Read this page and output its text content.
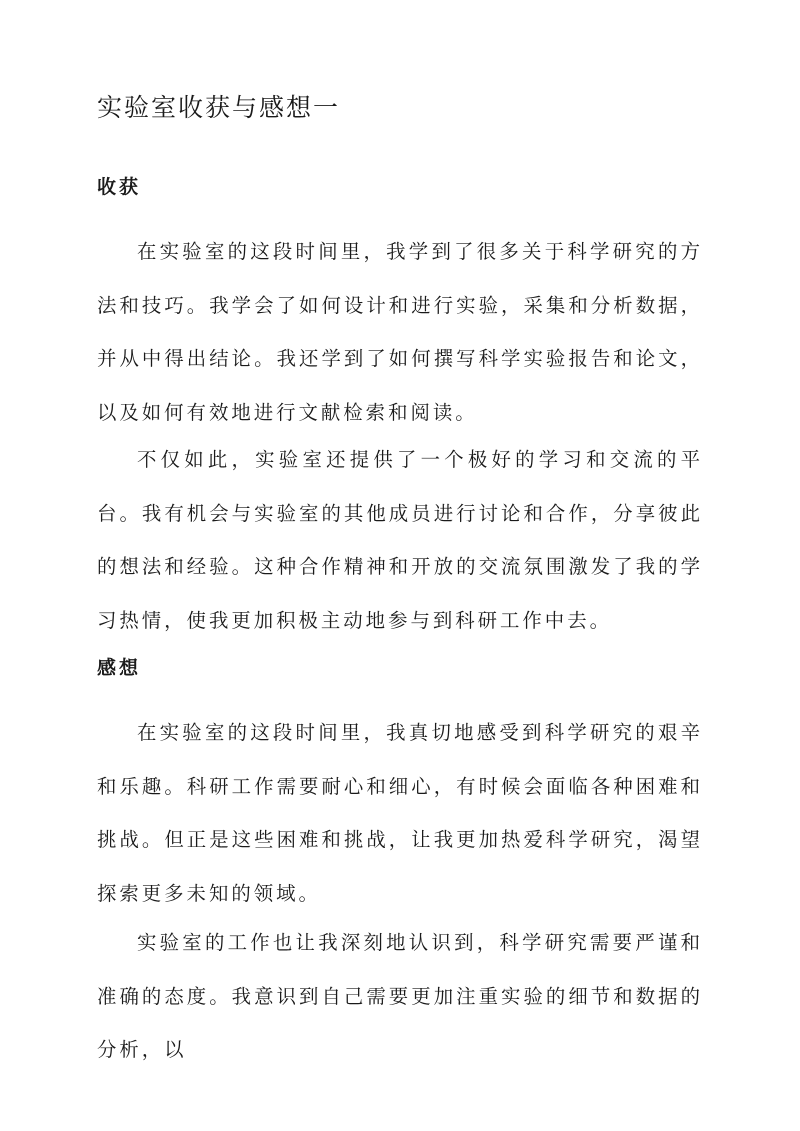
实验室收获与感想一
收获

在实验室的这段时间里，我学到了很多关于科学研究的方法和技巧。我学会了如何设计和进行实验，采集和分析数据，并从中得出结论。我还学到了如何撰写科学实验报告和论文，以及如何有效地进行文献检索和阅读。

不仅如此，实验室还提供了一个极好的学习和交流的平台。我有机会与实验室的其他成员进行讨论和合作，分享彼此的想法和经验。这种合作精神和开放的交流氛围激发了我的学习热情，使我更加积极主动地参与到科研工作中去。

感想

在实验室的这段时间里，我真切地感受到科学研究的艰辛和乐趣。科研工作需要耐心和细心，有时候会面临各种困难和挑战。但正是这些困难和挑战，让我更加热爱科学研究，渴望探索更多未知的领域。

实验室的工作也让我深刻地认识到，科学研究需要严谨和准确的态度。我意识到自己需要更加注重实验的细节和数据的分析，以
